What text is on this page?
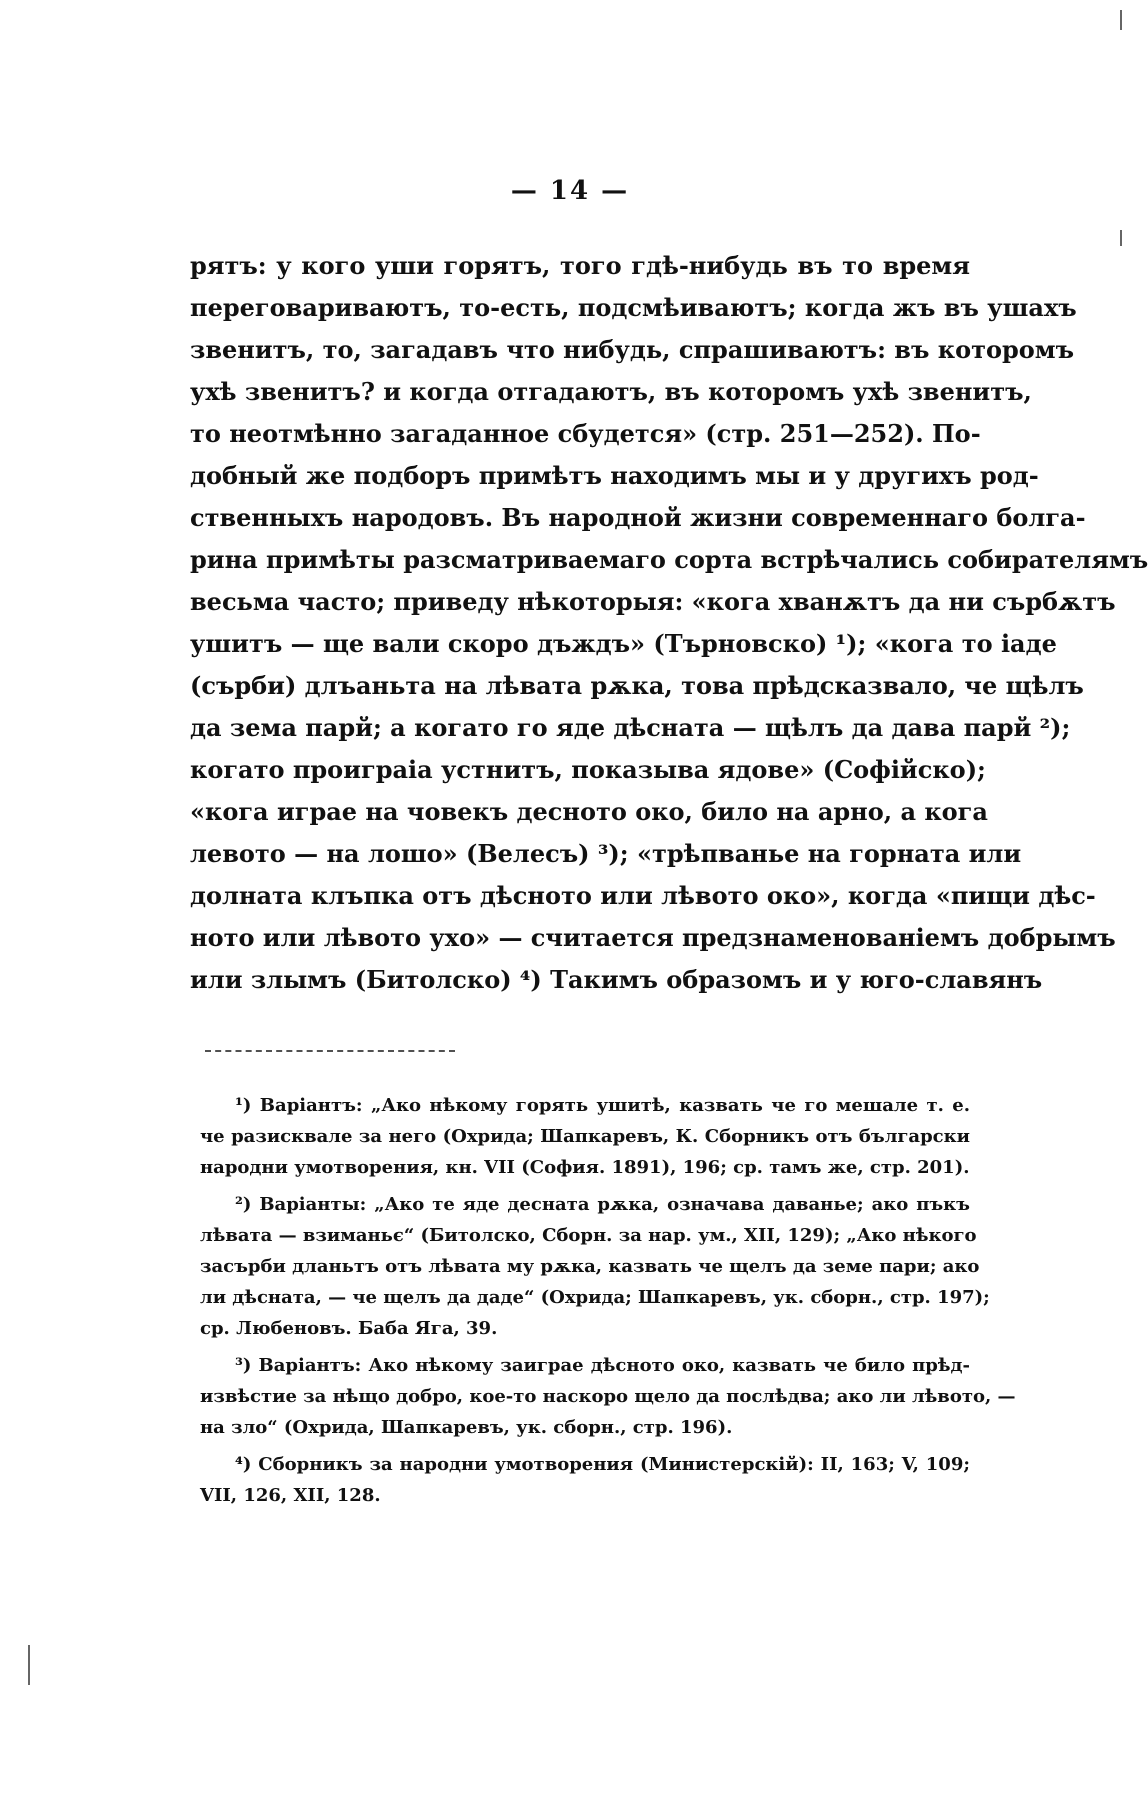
— 14 —
рятъ: у кого уши горятъ, того гдѣ-нибудь въ то время
переговариваютъ, то-есть, подсмѣиваютъ; когда жъ въ ушахъ
звенитъ, то, загадавъ что нибудь, спрашиваютъ: въ которомъ
ухѣ звенитъ? и когда отгадаютъ, въ которомъ ухѣ звенитъ,
то неотмѣнно загаданное сбудется» (стр. 251—252). По-
добный же подборъ примѣтъ находимъ мы и у другихъ род-
ственныхъ народовъ. Въ народной жизни современнаго болга-
рина примѣты разсматриваемаго сорта встрѣчались собирателямъ
весьма часто; приведу нѣкоторыя: «кога хванѫтъ да ни сърбѫтъ
ушитъ — ще вали скоро дъждъ» (Търновско) ¹); «кога то іаде
(сърби) длъаньта на лѣвата рѫка, това прѣдсказвало, че щѣлъ
да зема парй; а когато го яде дѣсната — щѣлъ да дава парй ²);
когато проиграіа устнитъ, показыва ядове» (Софійско);
«кога играе на човекъ десното око, било на арно, а кога
левото — на лошо» (Велесъ) ³); «трѣпванье на горната или
долната клъпка отъ дѣсното или лѣвото око», когда «пищи дѣс-
ното или лѣвото ухо» — считается предзнаменованіемъ добрымъ
или злымъ (Битолско) ⁴) Такимъ образомъ и у юго-славянъ
¹) Варіантъ: „Ако нѣкому горять ушитѣ, казвать че го мешале т. е.
че разисквале за него (Охрида; Шапкаревъ, К. Сборникъ отъ български
народни умотворения, кн. VII (София. 1891), 196; ср. тамъ же, стр. 201).
²) Варіанты: „Ако те яде десната рѫка, означава даванье; ако пъкъ
лѣвата — взиманьє“ (Битолско, Сборн. за нар. ум., XII, 129); „Ако нѣкого
засърби дланьтъ отъ лѣвата му рѫка, казвать че щелъ да земе пари; ако
ли дѣсната, — че щелъ да даде“ (Охрида; Шапкаревъ, ук. сборн., стр. 197);
ср. Любеновъ. Баба Яга, 39.
³) Варіантъ: Ако нѣкому заиграе дѣсното око, казвать че било прѣд-
извѣстие за нѣщо добро, кое-то наскоро щело да послѣдва; ако ли лѣвото, —
на зло“ (Охрида, Шапкаревъ, ук. сборн., стр. 196).
⁴) Сборникъ за народни умотворения (Министерскій): II, 163; V, 109;
VII, 126, XII, 128.
